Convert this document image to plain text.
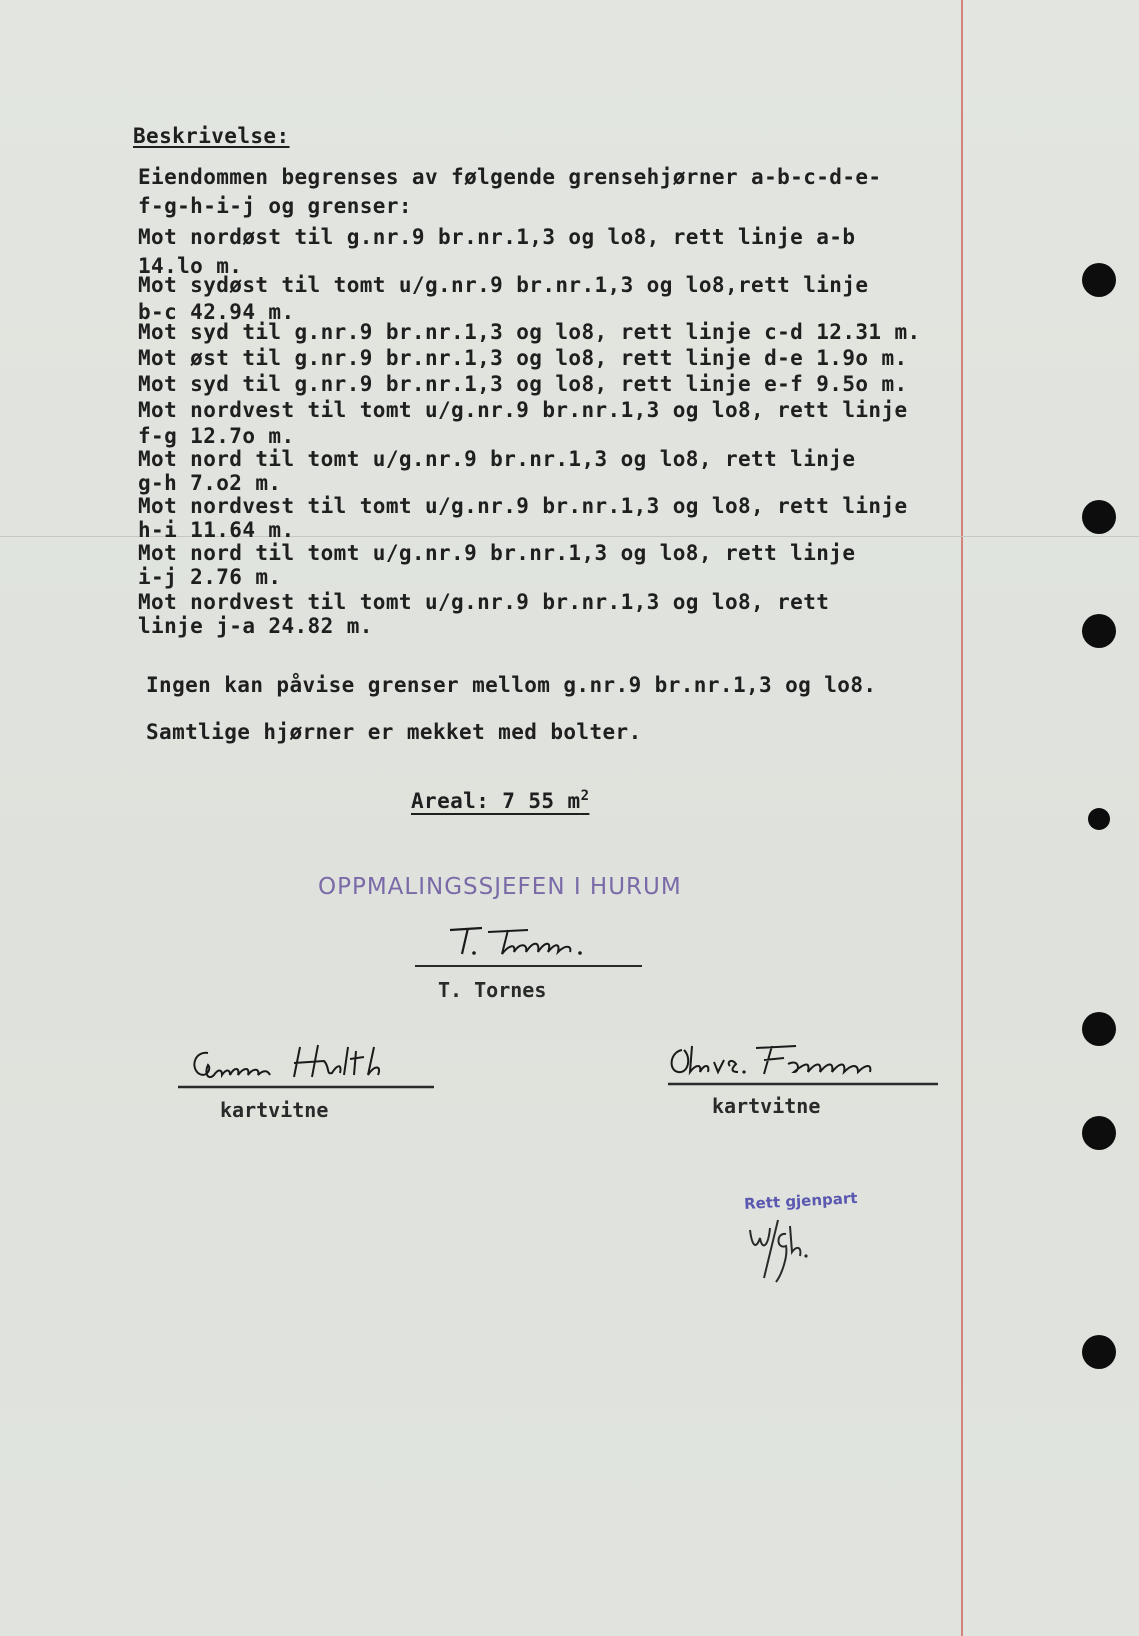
Beskrivelse:
Eiendommen begrenses av følgende grensehjørner a-b-c-d-e-
f-g-h-i-j og grenser:
Mot nordøst til g.nr.9 br.nr.1,3 og lo8, rett linje a-b
14.lo m.
Mot sydøst til tomt u/g.nr.9 br.nr.1,3 og lo8,rett linje
b-c 42.94 m.
Mot syd til g.nr.9 br.nr.1,3 og lo8, rett linje c-d 12.31 m.
Mot øst til g.nr.9 br.nr.1,3 og lo8, rett linje d-e 1.9o m.
Mot syd til g.nr.9 br.nr.1,3 og lo8, rett linje e-f 9.5o m.
Mot nordvest til tomt u/g.nr.9 br.nr.1,3 og lo8, rett linje
f-g 12.7o m.
Mot nord til tomt u/g.nr.9 br.nr.1,3 og lo8, rett linje
g-h 7.o2 m.
Mot nordvest til tomt u/g.nr.9 br.nr.1,3 og lo8, rett linje
h-i 11.64 m.
Mot nord til tomt u/g.nr.9 br.nr.1,3 og lo8, rett linje
i-j 2.76 m.
Mot nordvest til tomt u/g.nr.9 br.nr.1,3 og lo8, rett
linje j-a 24.82 m.
Ingen kan påvise grenser mellom g.nr.9 br.nr.1,3 og lo8.
Samtlige hjørner er mekket med bolter.
Areal: 7 55 $m^2$
OPPMALINGSSJEFEN I HURUM
T. Tornes
kartvitne	kartvitne
Rett gjenpart
